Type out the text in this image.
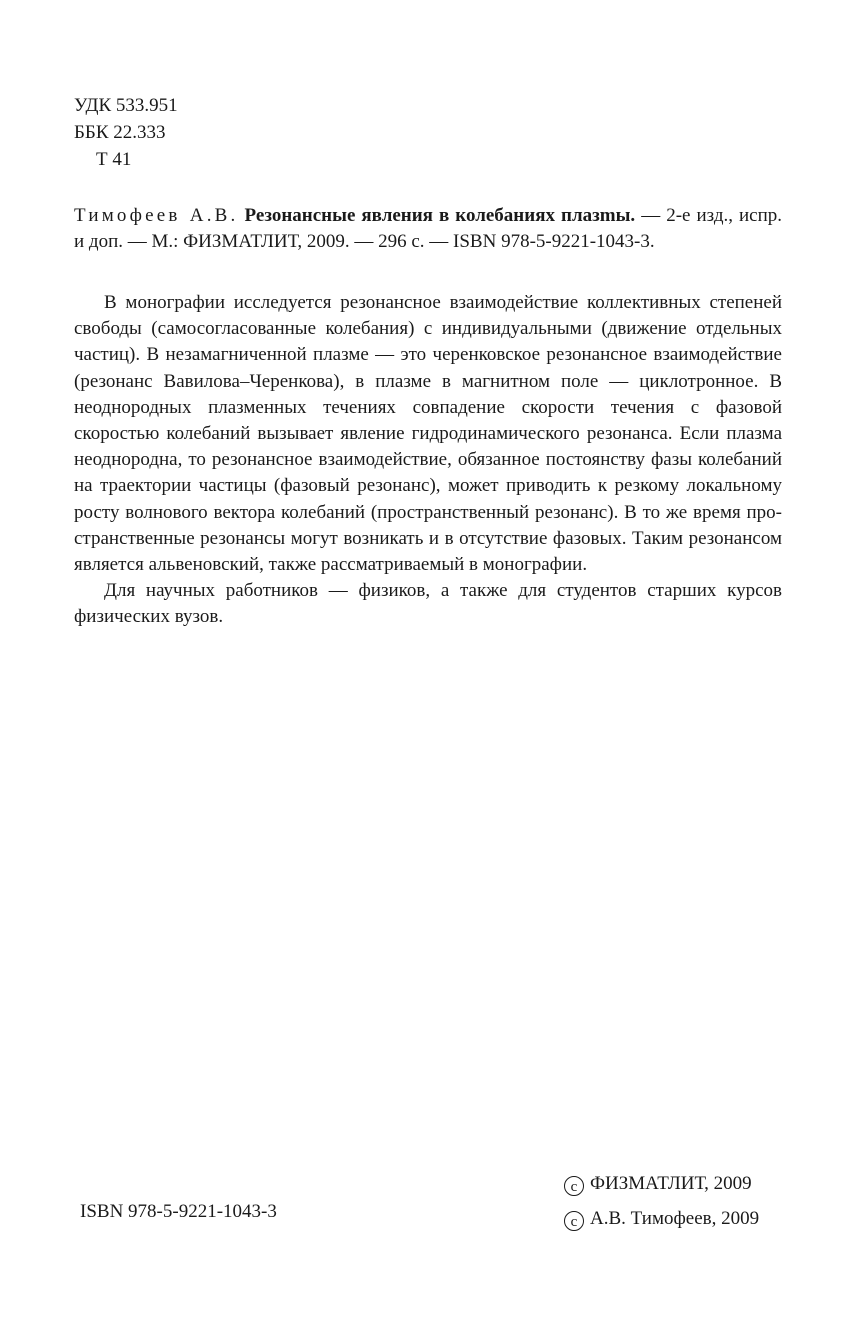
УДК 533.951
ББК 22.333
Т 41
Тимофеев А.В. Резонансные явления в колебаниях плазmы. — 2-е изд., испр. и доп. — М.: ФИЗМАТЛИТ, 2009. — 296 с. — ISBN 978-5-9221-1043-3.

В монографии исследуется резонансное взаимодействие коллективных степеней свободы (самосогласованные колебания) с индивидуальными (движение отдельных частиц). В незамагниченной плазме — это черенковское резонансное взаимодействие (резонанс Вавилова–Черенкова), в плазме в магнитном поле — циклотронное. В неоднородных плазменных течениях совпадение скорости течения с фазовой скоростью колебаний вызывает явление гидродинамического резонанса. Если плазма неоднородна, то резонансное взаимодействие, обязанное постоянству фазы колебаний на траектории частицы (фазовый резонанс), может приводить к резкому локальному росту волнового вектора колебаний (пространственный резонанс). В то же время пространственные резонансы могут возникать и в отсутствие фазовых. Таким резонансом является альвеновский, также рассматриваемый в монографии.

Для научных работников — физиков, а также для студентов старших курсов физических вузов.

ISBN 978-5-9221-1043-3
c ФИЗМАТЛИТ, 2009
c А.В. Тимофеев, 2009
